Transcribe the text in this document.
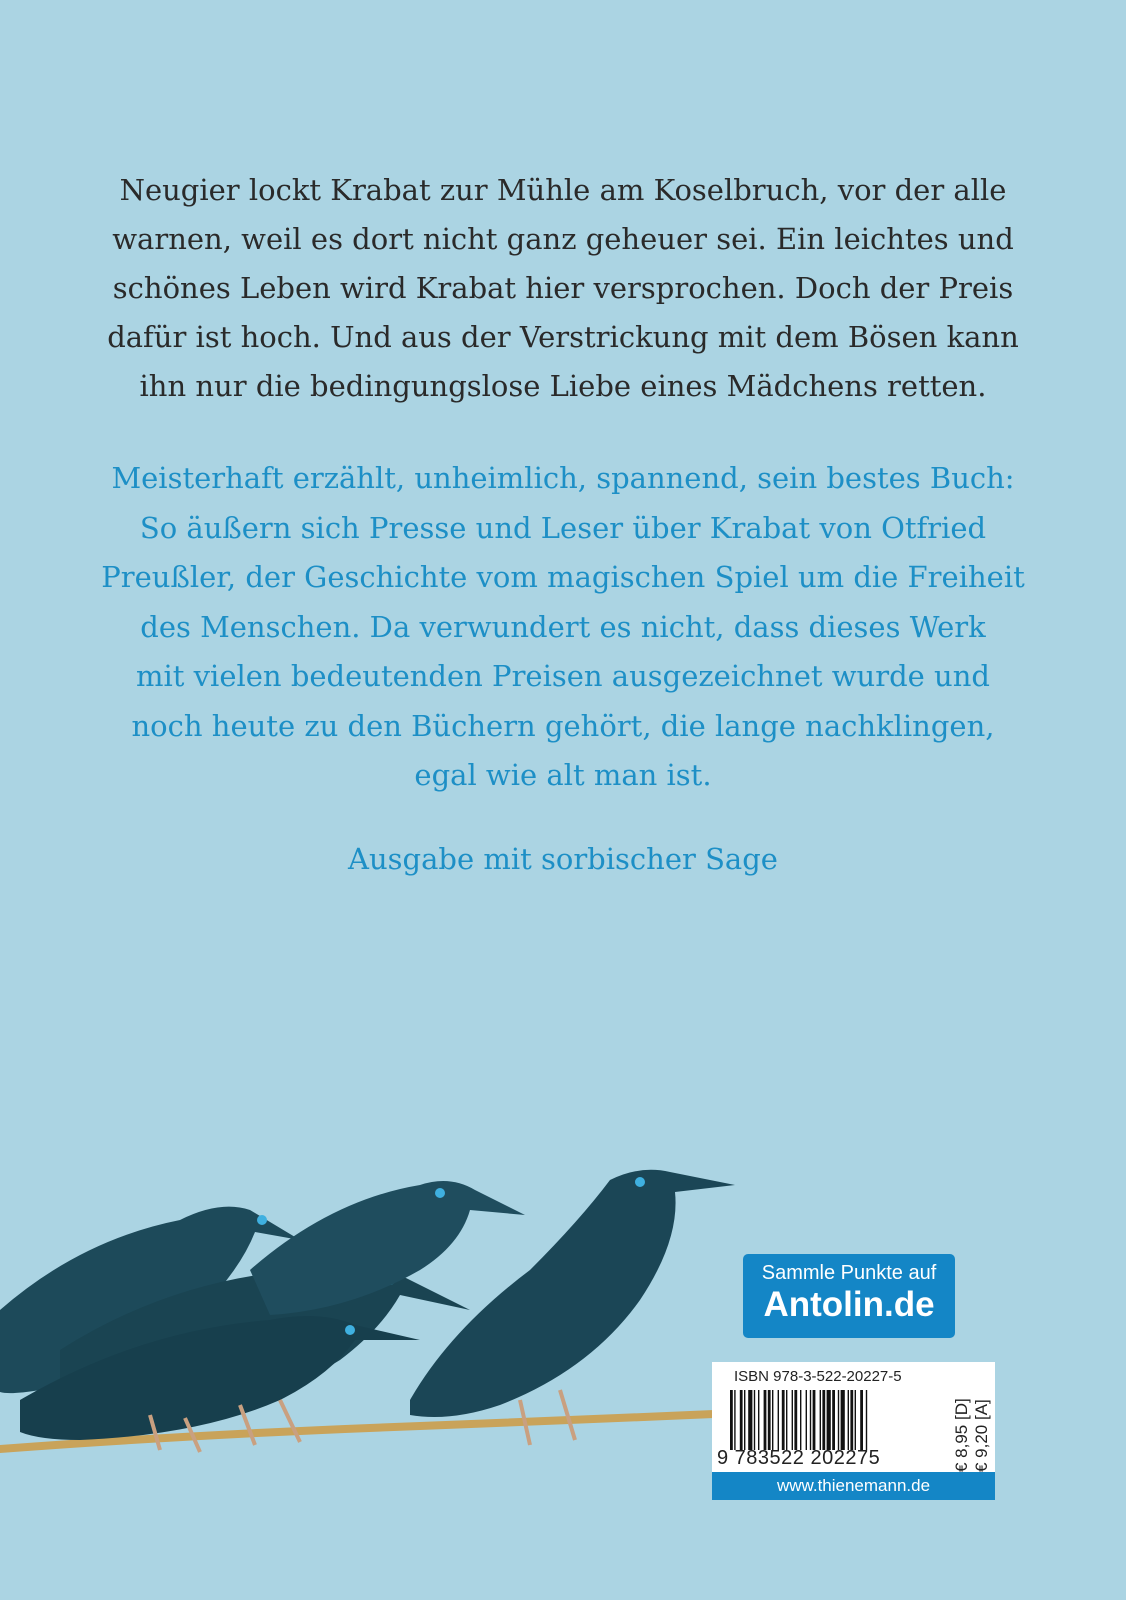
Neugier lockt Krabat zur Mühle am Koselbruch, vor der alle
warnen, weil es dort nicht ganz geheuer sei. Ein leichtes und
schönes Leben wird Krabat hier versprochen. Doch der Preis
dafür ist hoch. Und aus der Verstrickung mit dem Bösen kann
ihn nur die bedingungslose Liebe eines Mädchens retten.
Meisterhaft erzählt, unheimlich, spannend, sein bestes Buch:
So äußern sich Presse und Leser über Krabat von Otfried
Preußler, der Geschichte vom magischen Spiel um die Freiheit
des Menschen. Da verwundert es nicht, dass dieses Werk
mit vielen bedeutenden Preisen ausgezeichnet wurde und
noch heute zu den Büchern gehört, die lange nachklingen,
egal wie alt man ist.
Ausgabe mit sorbischer Sage
Sammle Punkte auf
Antolin.de
ISBN 978-3-522-20227-5
9 783522 202275	€ 8,95 [D] € 9,20 [A]
www.thienemann.de
